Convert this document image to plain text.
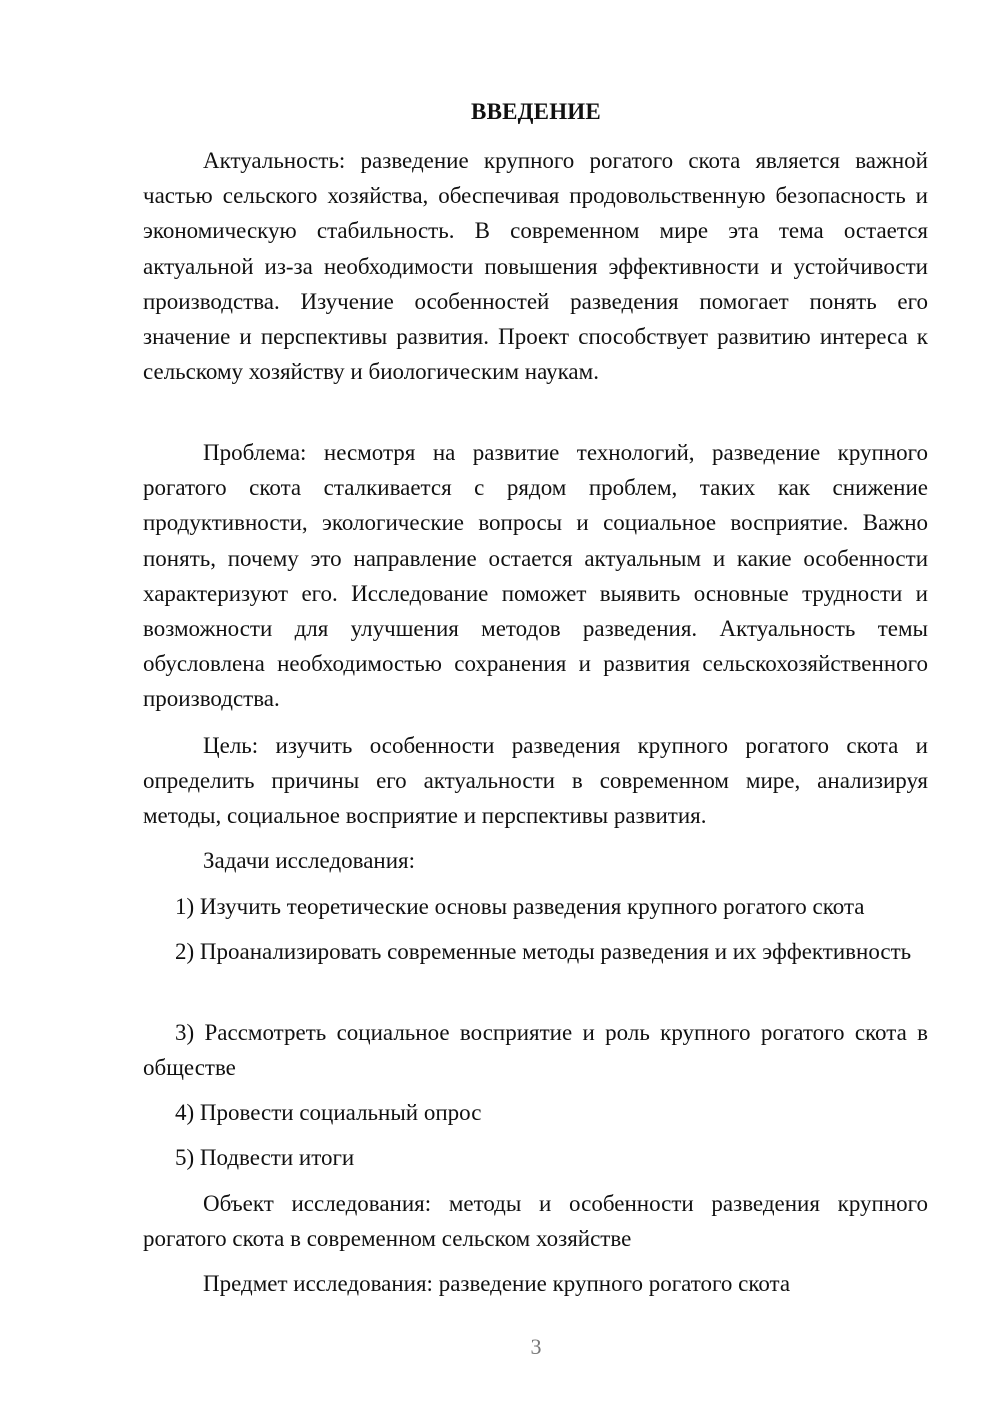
ВВЕДЕНИЕ

Актуальность: разведение крупного рогатого скота является важной частью сельского хозяйства, обеспечивая продовольственную безопасность и экономическую стабильность. В современном мире эта тема остается актуальной из-за необходимости повышения эффективности и устойчивости производства. Изучение особенностей разведения помогает понять его значение и перспективы развития. Проект способствует развитию интереса к сельскому хозяйству и биологическим наукам.

Проблема: несмотря на развитие технологий, разведение крупного рогатого скота сталкивается с рядом проблем, таких как снижение продуктивности, экологические вопросы и социальное восприятие. Важно понять, почему это направление остается актуальным и какие особенности характеризуют его. Исследование поможет выявить основные трудности и возможности для улучшения методов разведения. Актуальность темы обусловлена необходимостью сохранения и развития сельскохозяйственного производства.

Цель: изучить особенности разведения крупного рогатого скота и определить причины его актуальности в современном мире, анализируя методы, социальное восприятие и перспективы развития.

Задачи исследования:

1) Изучить теоретические основы разведения крупного рогатого скота

2) Проанализировать современные методы разведения и их эффективность

3) Рассмотреть социальное восприятие и роль крупного рогатого скота в обществе

4) Провести социальный опрос

5) Подвести итоги

Объект исследования: методы и особенности разведения крупного рогатого скота в современном сельском хозяйстве

Предмет исследования: разведение крупного рогатого скота

3
